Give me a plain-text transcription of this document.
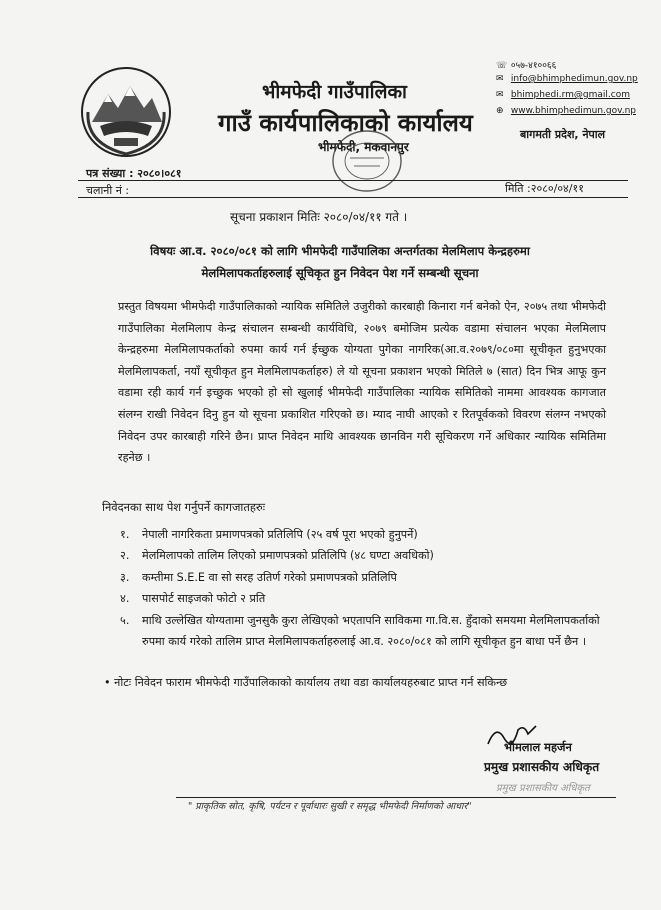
भीमफेदी गाउँपालिका
गाउँ कार्यपालिकाको कार्यालय
भीमफेदी, मकवानपुर
☏ ०५७-४१००६६
✉ info@bhimphedimun.gov.np
✉ bhimphedi.rm@gmail.com
⊕ www.bhimphedimun.gov.np
बागमती प्रदेश, नेपाल
पत्र संख्या : २०८०।०८१
चलानी नं :	मिति :२०८०/०४/११
सूचना प्रकाशन मितिः २०८०/०४/११ गते ।
विषयः आ.व. २०८०/०८१ को लागि भीमफेदी गाउँपालिका अन्तर्गतका मेलमिलाप केन्द्रहरुमा मेलमिलापकर्ताहरुलाई सूचिकृत हुन निवेदन पेश गर्ने सम्बन्धी सूचना
प्रस्तुत विषयमा भीमफेदी गाउँपालिकाको न्यायिक समितिले उजुरीको कारबाही किनारा गर्न बनेको ऐन, २०७५ तथा भीमफेदी गाउँपालिका मेलमिलाप केन्द्र संचालन सम्बन्धी कार्यविधि, २०७९ बमोजिम प्रत्येक वडामा संचालन भएका मेलमिलाप केन्द्रहरुमा मेलमिलापकर्ताको रुपमा कार्य गर्न ईच्छुक योग्यता पुगेका नागरिक(आ.व.२०७९/०८०मा सूचीकृत हुनुभएका मेलमिलापकर्ता, नयाँ सूचीकृत हुन मेलमिलापकर्ताहरु) ले यो सूचना प्रकाशन भएको मितिले ७ (सात) दिन भित्र आफू कुन वडामा रही कार्य गर्न इच्छुक भएको हो सो खुलाई भीमफेदी गाउँपालिका न्यायिक समितिको नाममा आवश्यक कागजात संलग्न राखी निवेदन दिनु हुन यो सूचना प्रकाशित गरिएको छ। म्याद नाघी आएको र रितपूर्वकको विवरण संलग्न नभएको निवेदन उपर कारबाही गरिने छैन। प्राप्त निवेदन माथि आवश्यक छानविन गरी सूचिकरण गर्ने अधिकार न्यायिक समितिमा रहनेछ ।
निवेदनका साथ पेश गर्नुपर्ने कागजातहरुः
१. नेपाली नागरिकता प्रमाणपत्रको प्रतिलिपि (२५ वर्ष पूरा भएको हुनुपर्ने)
२. मेलमिलापको तालिम लिएको प्रमाणपत्रको प्रतिलिपि (४८ घण्टा अवधिको)
३. कम्तीमा S.E.E वा सो सरह उतिर्ण गरेको प्रमाणपत्रको प्रतिलिपि
४. पासपोर्ट साइजको फोटो २ प्रति
५. माथि उल्लेखित योग्यतामा जुनसुकै कुरा लेखिएको भएतापनि साविकमा गा.वि.स. हुँदाको समयमा मेलमिलापकर्ताको रुपमा कार्य गरेको तालिम प्राप्त मेलमिलापकर्ताहरुलाई आ.व. २०८०/०८१ को लागि सूचीकृत हुन बाधा पर्ने छैन ।
• नोटः निवेदन फाराम भीमफेदी गाउँपालिकाको कार्यालय तथा वडा कार्यालयहरुबाट प्राप्त गर्न सकिन्छ
भीमलाल महर्जन
प्रमुख प्रशासकीय अधिकृत
प्रमुख प्रशासकीय अधिकृत
" प्राकृतिक स्रोत, कृषि, पर्यटन र पूर्वाधारः सुखी र समृद्ध भीमफेदी निर्माणको आधार"
